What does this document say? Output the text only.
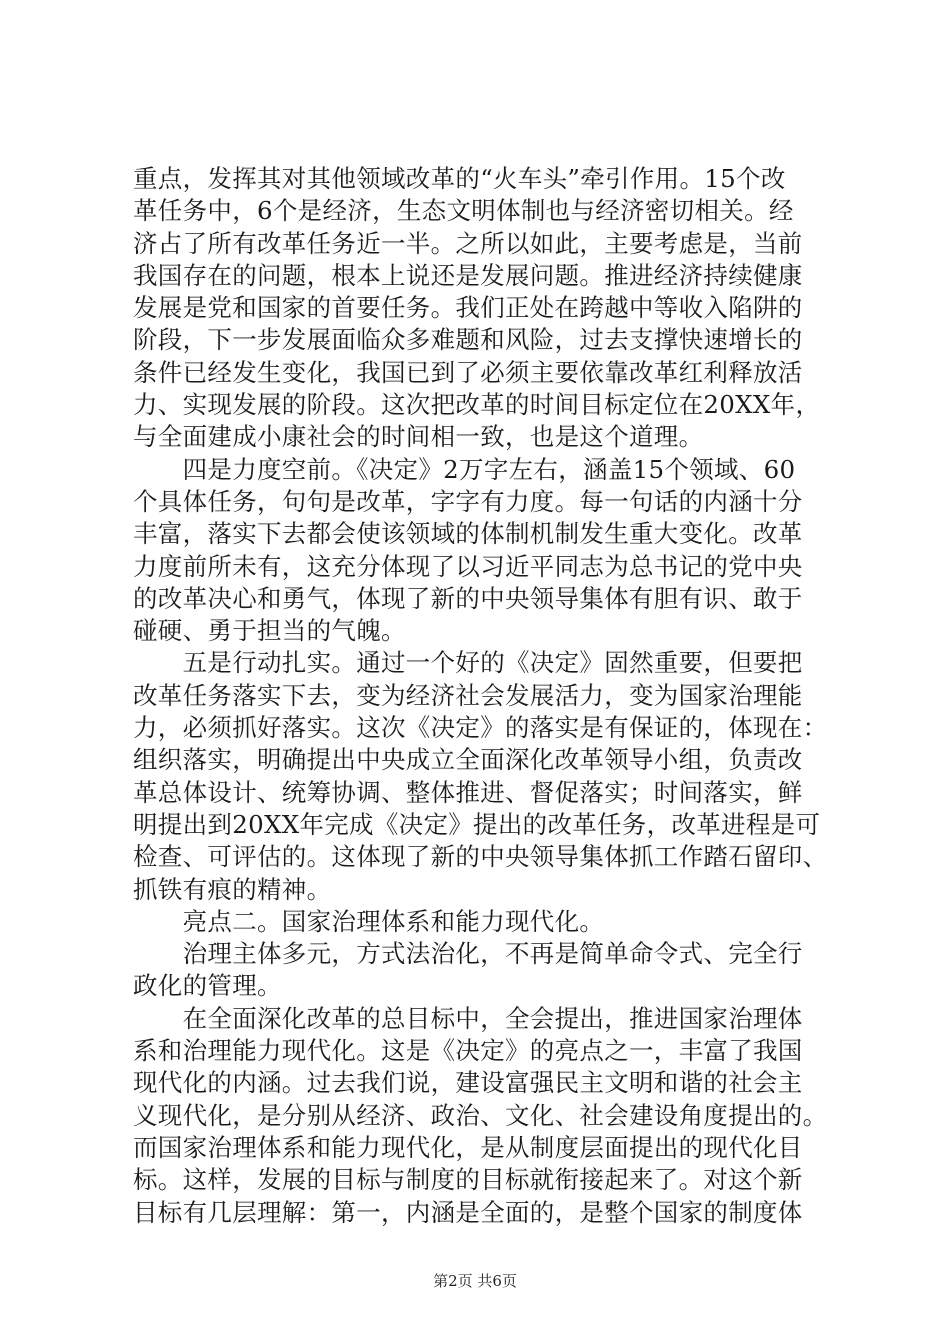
重点，发挥其对其他领域改革的“火车头”牵引作用。15个改
革任务中，6个是经济，生态文明体制也与经济密切相关。经
济占了所有改革任务近一半。之所以如此，主要考虑是，当前
我国存在的问题，根本上说还是发展问题。推进经济持续健康
发展是党和国家的首要任务。我们正处在跨越中等收入陷阱的
阶段，下一步发展面临众多难题和风险，过去支撑快速增长的
条件已经发生变化，我国已到了必须主要依靠改革红利释放活
力、实现发展的阶段。这次把改革的时间目标定位在20XX年，
与全面建成小康社会的时间相一致，也是这个道理。
　　四是力度空前。《决定》2万字左右，涵盖15个领域、60
个具体任务，句句是改革，字字有力度。每一句话的内涵十分
丰富，落实下去都会使该领域的体制机制发生重大变化。改革
力度前所未有，这充分体现了以习近平同志为总书记的党中央
的改革决心和勇气，体现了新的中央领导集体有胆有识、敢于
碰硬、勇于担当的气魄。
　　五是行动扎实。通过一个好的《决定》固然重要，但要把
改革任务落实下去，变为经济社会发展活力，变为国家治理能
力，必须抓好落实。这次《决定》的落实是有保证的，体现在：
组织落实，明确提出中央成立全面深化改革领导小组，负责改
革总体设计、统筹协调、整体推进、督促落实；时间落实，鲜
明提出到20XX年完成《决定》提出的改革任务，改革进程是可
检查、可评估的。这体现了新的中央领导集体抓工作踏石留印、
抓铁有痕的精神。
　　亮点二。国家治理体系和能力现代化。
　　治理主体多元，方式法治化，不再是简单命令式、完全行
政化的管理。
　　在全面深化改革的总目标中，全会提出，推进国家治理体
系和治理能力现代化。这是《决定》的亮点之一，丰富了我国
现代化的内涵。过去我们说，建设富强民主文明和谐的社会主
义现代化，是分别从经济、政治、文化、社会建设角度提出的。
而国家治理体系和能力现代化，是从制度层面提出的现代化目
标。这样，发展的目标与制度的目标就衔接起来了。对这个新
目标有几层理解：第一，内涵是全面的，是整个国家的制度体
第2页 共6页
